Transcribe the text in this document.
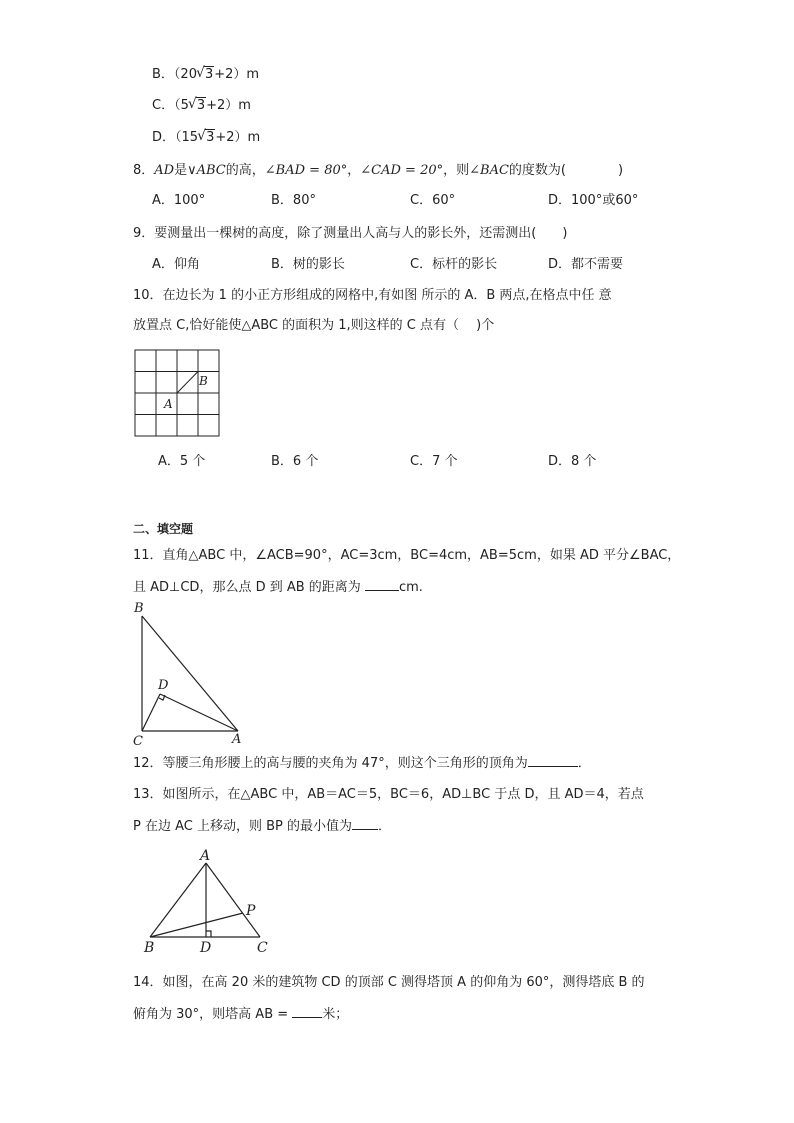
B．（20 √ 3+2）m
C．（5 √ 3+2）m
D．（15 √ 3+2）m
8．AD是∨ABC的高，∠BAD = 80°，∠CAD = 20°，则∠BAC的度数为(　　　　)
A．100°	B．80°	C．60°	D．100°或60°
9．要测量出一棵树的高度，除了测量出人高与人的影长外，还需测出(　　)
A．仰角	B．树的影长	C．标杆的影长	D．都不需要
10．在边长为 1 的小正方形组成的网格中,有如图 所示的 A．B 两点,在格点中任 意
放置点 C,恰好能使△ABC 的面积为 1,则这样的 C 点有（　 )个
A
B
A．5 个	B．6 个	C．7 个	D．8 个
二、填空题
11．直角△ABC 中，∠ACB=90°，AC=3cm，BC=4cm，AB=5cm，如果 AD 平分∠BAC，
且 AD⊥CD，那么点 D 到 AB 的距离为	cm.
B
D
C	A
12．等腰三角形腰上的高与腰的夹角为 47°，则这个三角形的顶角为	．
13．如图所示，在△ABC 中，AB＝AC＝5，BC＝6，AD⊥BC 于点 D，且 AD＝4，若点
P 在边 AC 上移动，则 BP 的最小值为 ．
A
P
B	D	C
14．如图，在高 20 米的建筑物 CD 的顶部 C 测得塔顶 A 的仰角为 60°，测得塔底 B 的
俯角为 30°，则塔高 AB = 米；
